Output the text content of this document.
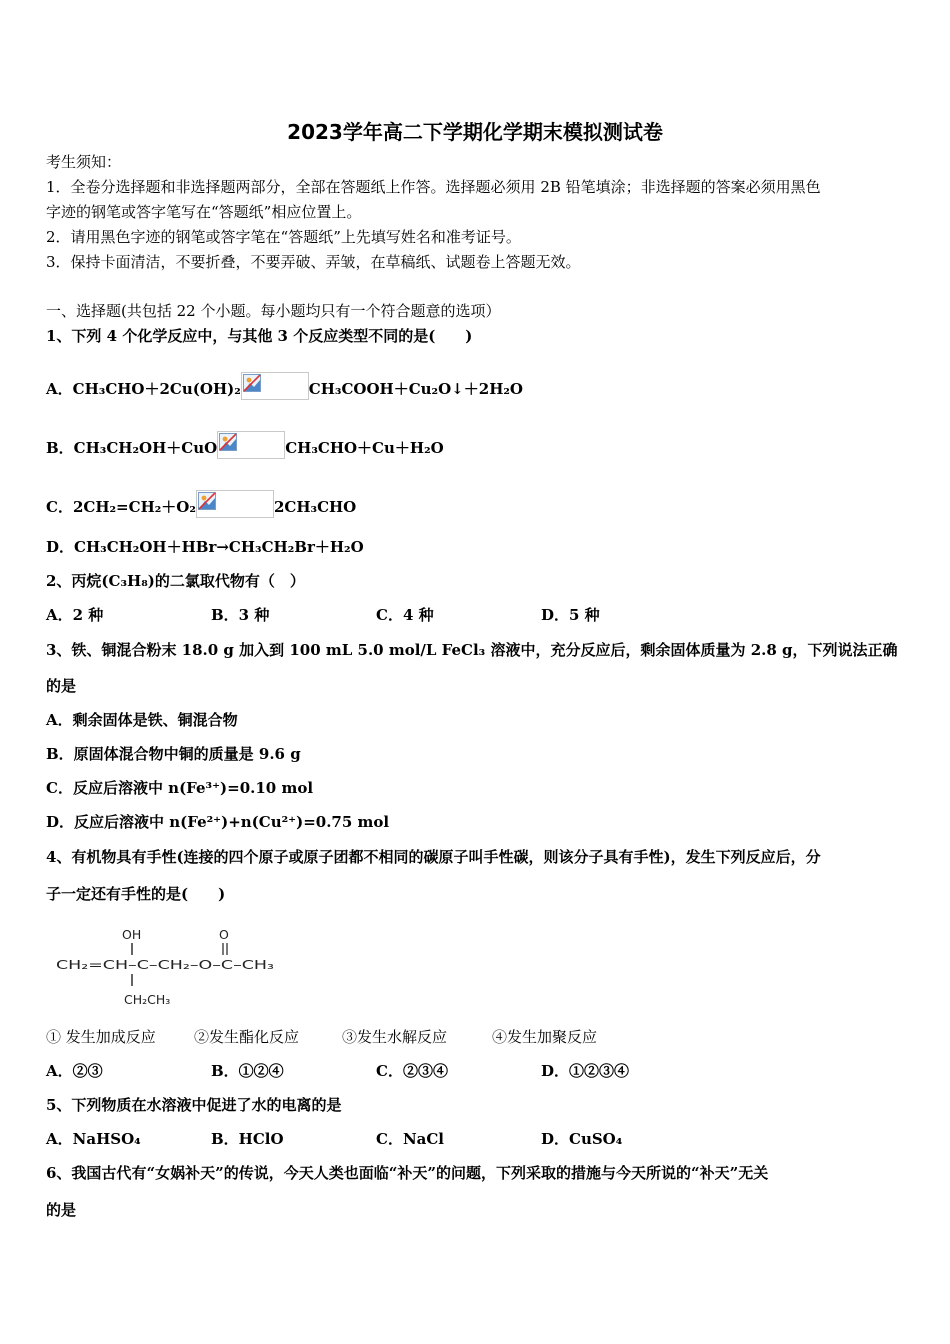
2023学年高二下学期化学期末模拟测试卷
考生须知：
1．全卷分选择题和非选择题两部分，全部在答题纸上作答。选择题必须用 2B 铅笔填涂；非选择题的答案必须用黑色
字迹的钢笔或答字笔写在“答题纸”相应位置上。
2．请用黑色字迹的钢笔或答字笔在“答题纸”上先填写姓名和准考证号。
3．保持卡面清洁，不要折叠，不要弄破、弄皱，在草稿纸、试题卷上答题无效。
一、选择题(共包括 22 个小题。每小题均只有一个符合题意的选项）
1、下列 4 个化学反应中，与其他 3 个反应类型不同的是(　　)
A．CH₃CHO＋2Cu(OH)₂	CH₃COOH＋Cu₂O↓＋2H₂O
B．CH₃CH₂OH＋CuO	CH₃CHO＋Cu＋H₂O
C．2CH₂=CH₂＋O₂	2CH₃CHO
D．CH₃CH₂OH＋HBr→CH₃CH₂Br＋H₂O
2、丙烷(C₃H₈)的二氯取代物有（　）
A．2 种	B．3 种	C．4 种	D．5 种
3、铁、铜混合粉末 18.0 g 加入到 100 mL 5.0 mol/L FeCl₃ 溶液中，充分反应后，剩余固体质量为 2.8 g，下列说法正确
的是
A．剩余固体是铁、铜混合物
B．原固体混合物中铜的质量是 9.6 g
C．反应后溶液中 n(Fe³⁺)=0.10 mol
D．反应后溶液中 n(Fe²⁺)+n(Cu²⁺)=0.75 mol
4、有机物具有手性(连接的四个原子或原子团都不相同的碳原子叫手性碳，则该分子具有手性)，发生下列反应后，分
子一定还有手性的是(　　)
OH	O
CH₂=CH–C–CH₂–O–C–CH₃
CH₂CH₃
① 发生加成反应	②发生酯化反应	③发生水解反应	④发生加聚反应
A．②③	B．①②④	C．②③④	D．①②③④
5、下列物质在水溶液中促进了水的电离的是
A．NaHSO₄	B．HClO	C．NaCl	D．CuSO₄
6、我国古代有“女娲补天”的传说，今天人类也面临“补天”的问题，下列采取的措施与今天所说的“补天”无关
的是
